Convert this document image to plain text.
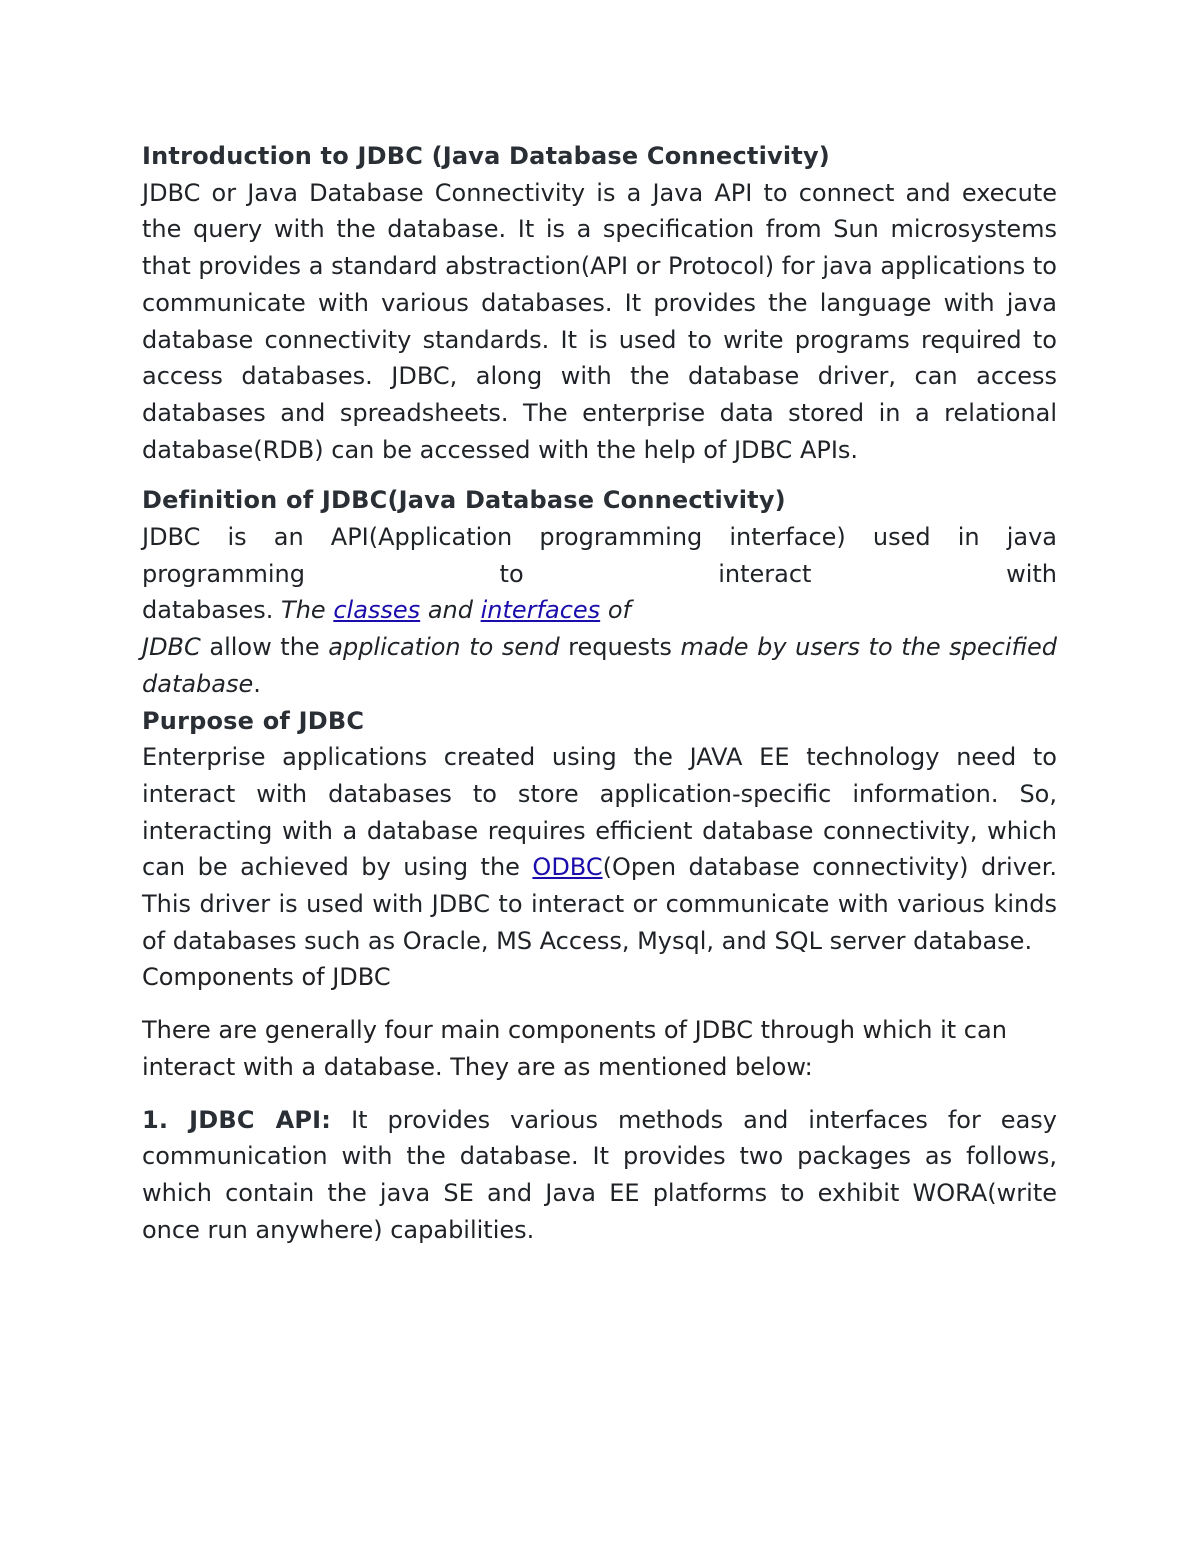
Introduction to JDBC (Java Database Connectivity)

JDBC or Java Database Connectivity is a Java API to connect and execute the query with the database. It is a specification from Sun microsystems that provides a standard abstraction(API or Protocol) for java applications to communicate with various databases. It provides the language with java database connectivity standards. It is used to write programs required to access databases. JDBC, along with the database driver, can access databases and spreadsheets. The enterprise data stored in a relational database(RDB) can be accessed with the help of JDBC APIs.

Definition of JDBC(Java Database Connectivity)

JDBC is an API(Application programming interface) used in java programming to interact with

databases. The classes and interfaces of

JDBC allow the application to send requests made by users to the specified database.

Purpose of JDBC

Enterprise applications created using the JAVA EE technology need to interact with databases to store application-specific information. So, interacting with a database requires efficient database connectivity, which can be achieved by using the ODBC(Open database connectivity) driver. This driver is used with JDBC to interact or communicate with various kinds of databases such as Oracle, MS Access, Mysql, and SQL server database.

Components of JDBC

There are generally four main components of JDBC through which it can interact with a database. They are as mentioned below:

1. JDBC API: It provides various methods and interfaces for easy communication with the database. It provides two packages as follows, which contain the java SE and Java EE platforms to exhibit WORA(write once run anywhere) capabilities.
